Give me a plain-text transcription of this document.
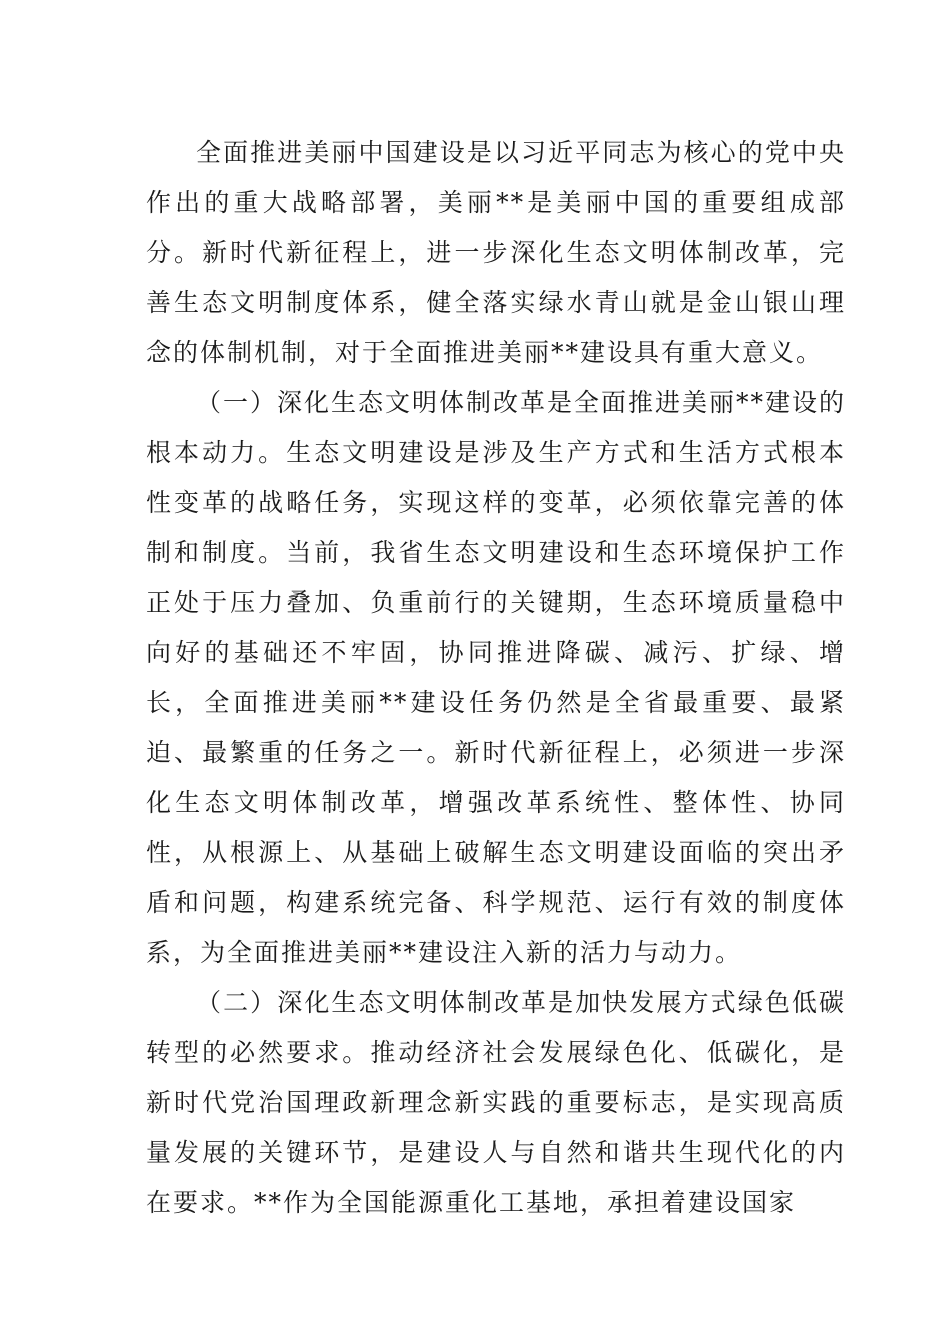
全面推进美丽中国建设是以习近平同志为核心的党中央作出的重大战略部署，美丽**是美丽中国的重要组成部分。新时代新征程上，进一步深化生态文明体制改革，完善生态文明制度体系，健全落实绿水青山就是金山银山理念的体制机制，对于全面推进美丽**建设具有重大意义。

（一）深化生态文明体制改革是全面推进美丽**建设的根本动力。生态文明建设是涉及生产方式和生活方式根本性变革的战略任务，实现这样的变革，必须依靠完善的体制和制度。当前，我省生态文明建设和生态环境保护工作正处于压力叠加、负重前行的关键期，生态环境质量稳中向好的基础还不牢固，协同推进降碳、减污、扩绿、增长，全面推进美丽**建设任务仍然是全省最重要、最紧迫、最繁重的任务之一。新时代新征程上，必须进一步深化生态文明体制改革，增强改革系统性、整体性、协同性，从根源上、从基础上破解生态文明建设面临的突出矛盾和问题，构建系统完备、科学规范、运行有效的制度体系，为全面推进美丽**建设注入新的活力与动力。

（二）深化生态文明体制改革是加快发展方式绿色低碳转型的必然要求。推动经济社会发展绿色化、低碳化，是新时代党治国理政新理念新实践的重要标志，是实现高质量发展的关键环节，是建设人与自然和谐共生现代化的内在要求。**作为全国能源重化工基地，承担着建设国家
